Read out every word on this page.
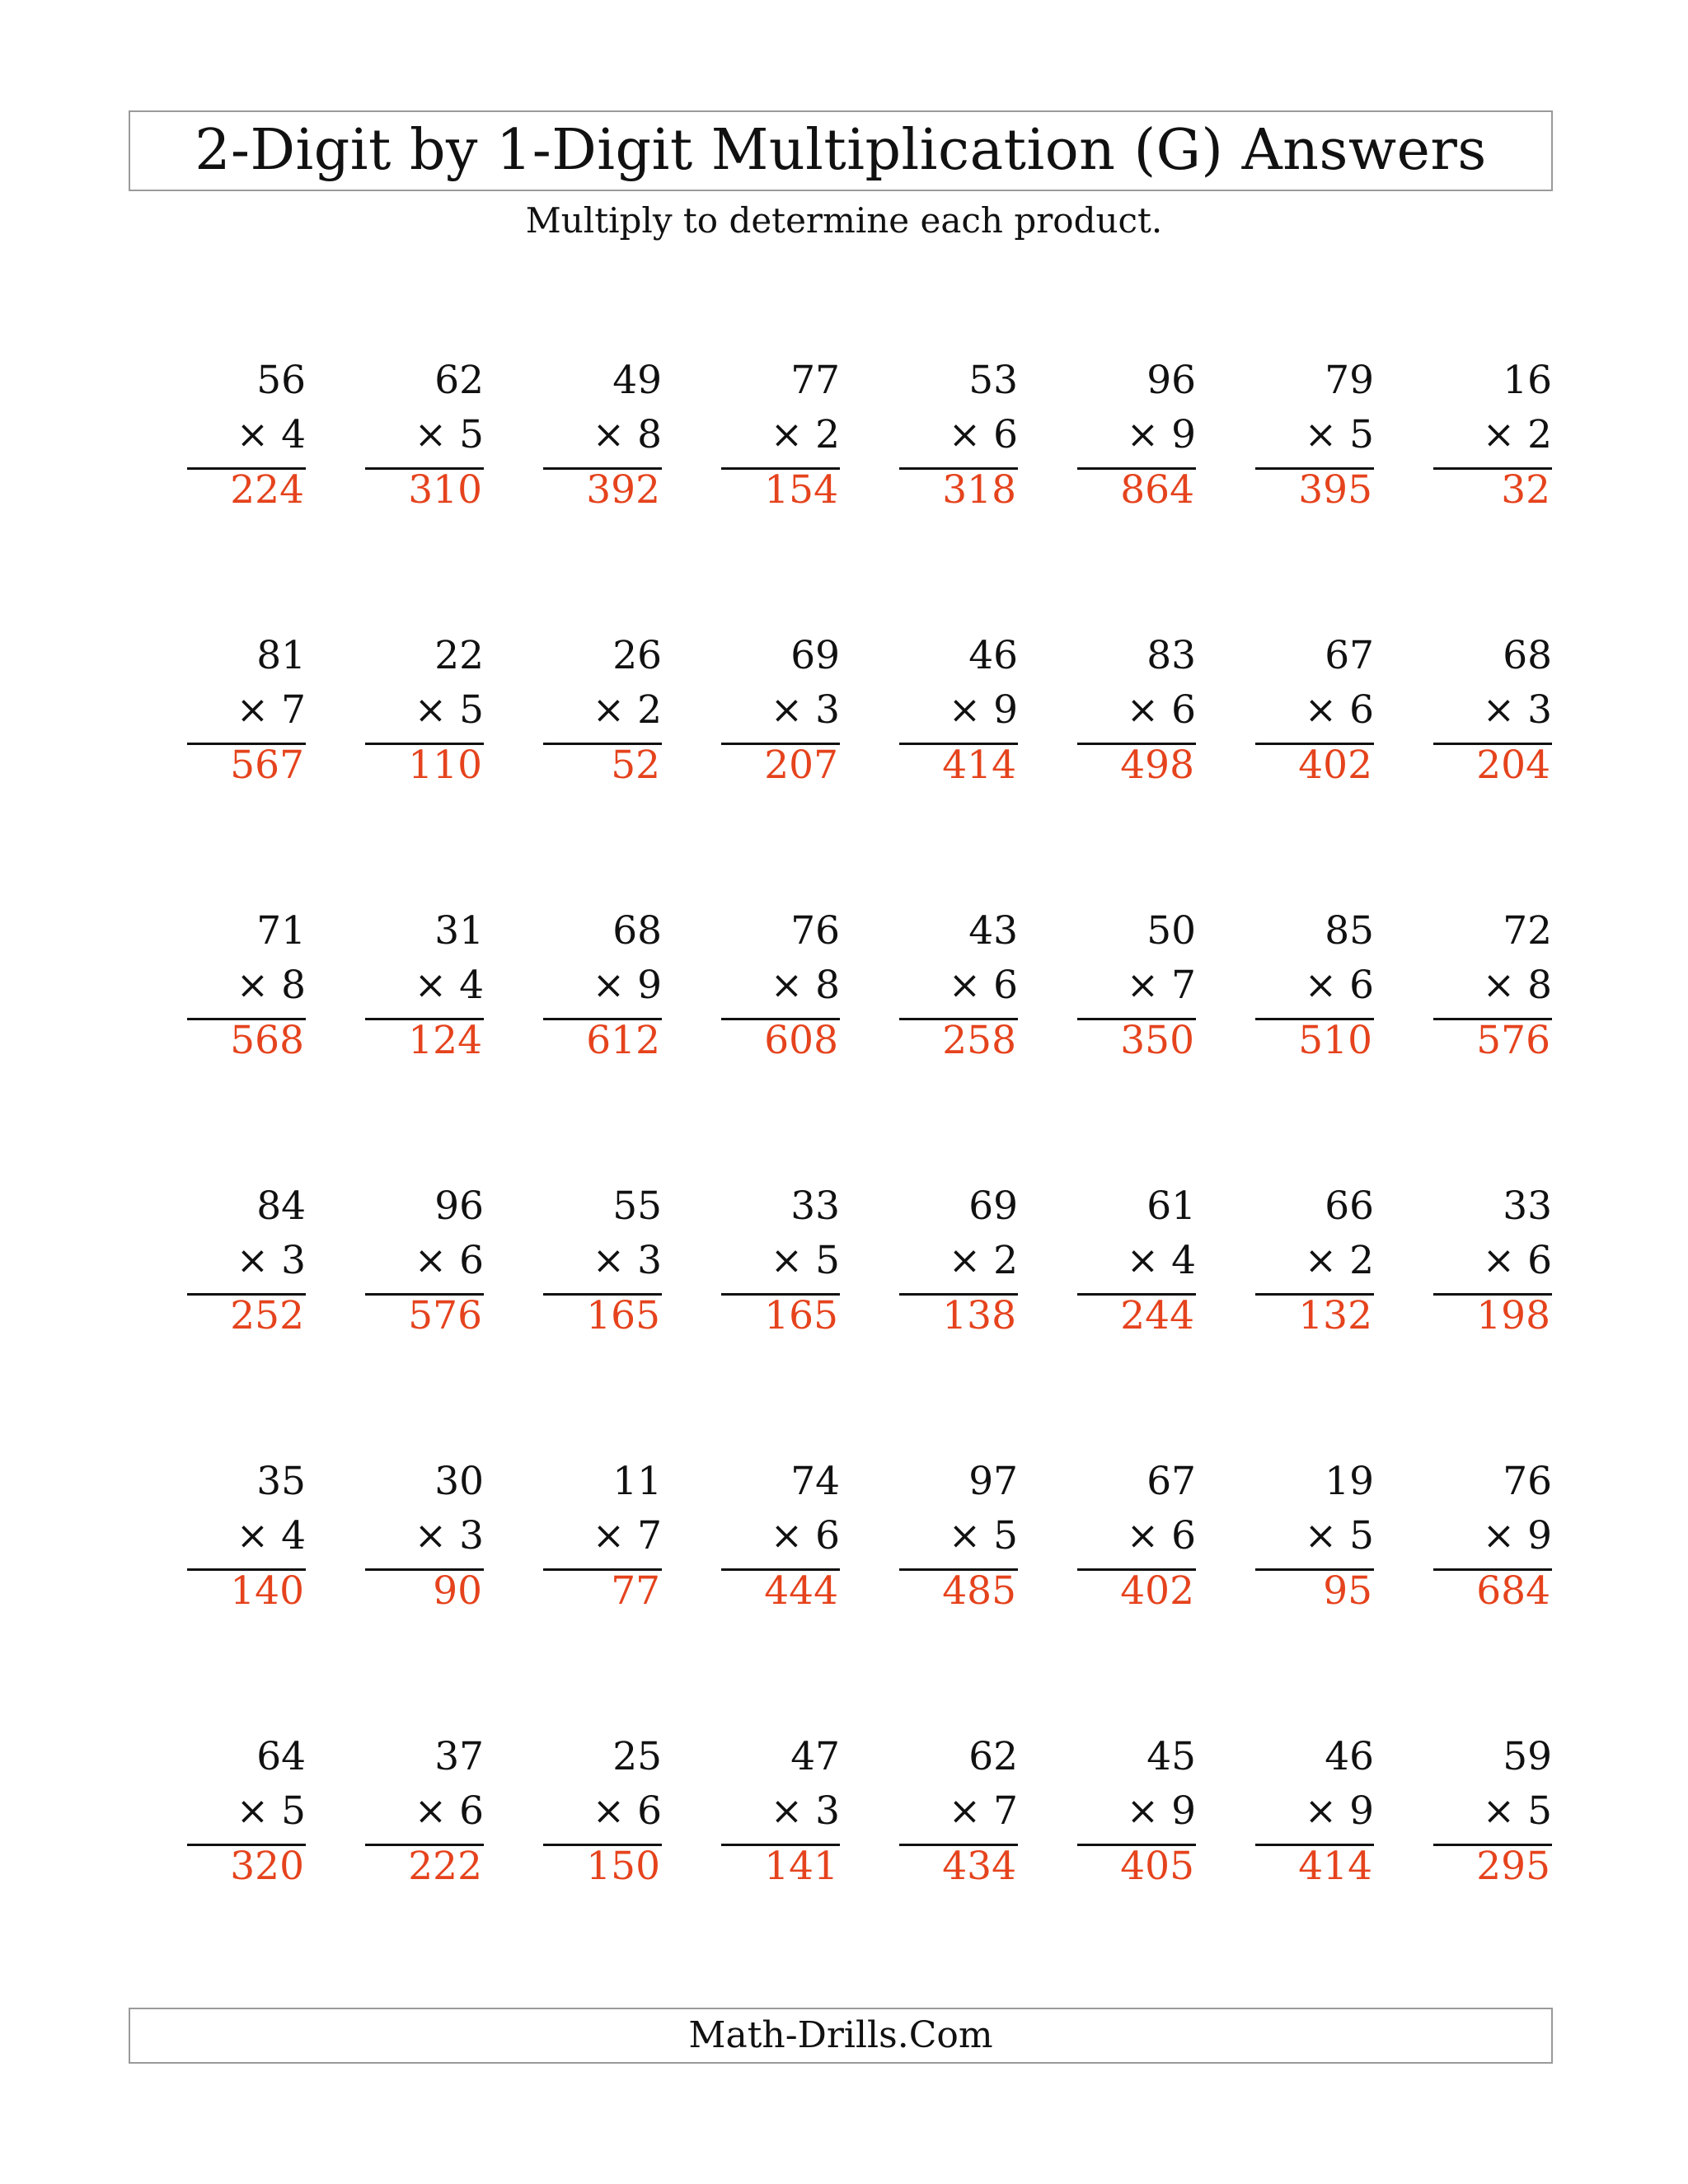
2-Digit by 1-Digit Multiplication (G) Answers
Multiply to determine each product.
56
× 4
224
62
× 5
310
49
× 8
392
77
× 2
154
53
× 6
318
96
× 9
864
79
× 5
395
16
× 2
32
81
× 7
567
22
× 5
110
26
× 2
52
69
× 3
207
46
× 9
414
83
× 6
498
67
× 6
402
68
× 3
204
71
× 8
568
31
× 4
124
68
× 9
612
76
× 8
608
43
× 6
258
50
× 7
350
85
× 6
510
72
× 8
576
84
× 3
252
96
× 6
576
55
× 3
165
33
× 5
165
69
× 2
138
61
× 4
244
66
× 2
132
33
× 6
198
35
× 4
140
30
× 3
90
11
× 7
77
74
× 6
444
97
× 5
485
67
× 6
402
19
× 5
95
76
× 9
684
64
× 5
320
37
× 6
222
25
× 6
150
47
× 3
141
62
× 7
434
45
× 9
405
46
× 9
414
59
× 5
295
Math-Drills.Com
